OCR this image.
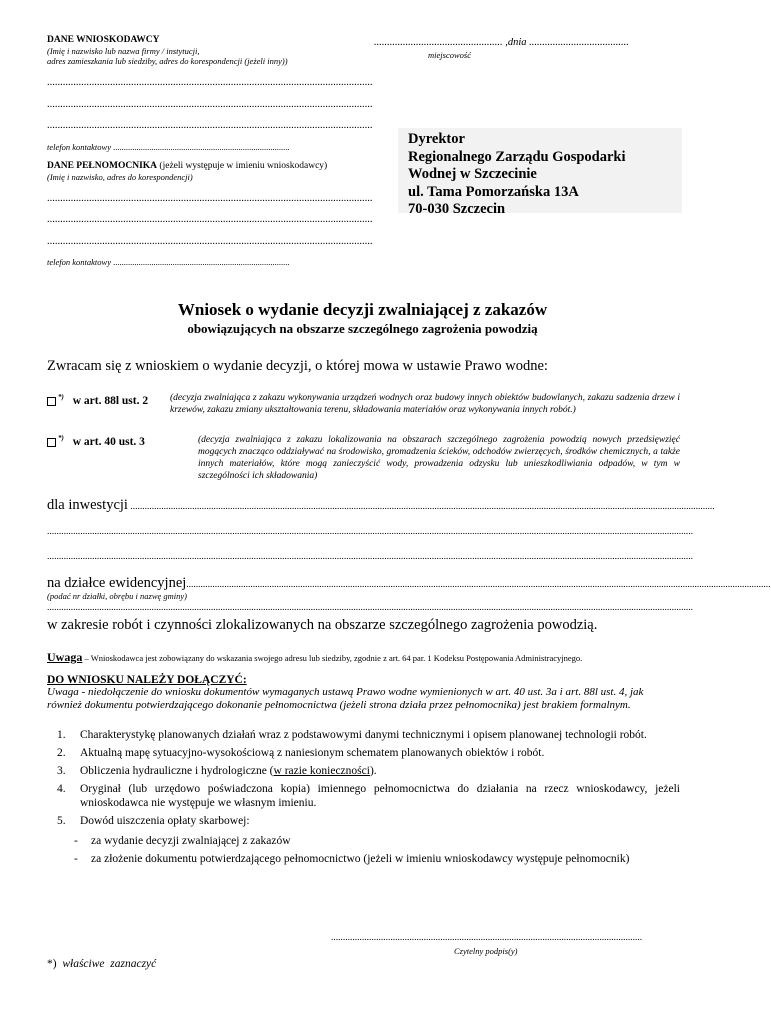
DANE WNIOSKODAWCY
(Imię i nazwisko lub nazwa firmy / instytucji,
adres zamieszkania lub siedziby, adres do korespondencji (jeżeli inny))
............................................................................................................................
............................................................................................................................
............................................................................................................................
telefon kontaktowy ...................................................................................
DANE PEŁNOMOCNIKA (jeżeli występuje w imieniu wnioskodawcy)
(Imię i nazwisko, adres do korespondencji)
............................................................................................................................
............................................................................................................................
............................................................................................................................
telefon kontaktowy ...................................................................................
................................................. ,dnia ......................................
miejscowość
Dyrektor
Regionalnego Zarządu Gospodarki
Wodnej w Szczecinie
ul. Tama Pomorzańska 13A
70-030 Szczecin
Wniosek o wydanie decyzji zwalniającej z zakazów
obowiązujących na obszarze szczególnego zagrożenia powodzią
Zwracam się z wnioskiem o wydanie decyzji, o której mowa w ustawie Prawo wodne:
*) w art. 88l ust. 2 (decyzja zwalniająca z zakazu wykonywania urządzeń wodnych oraz budowy innych obiektów budowlanych, zakazu sadzenia drzew i krzewów, zakazu zmiany ukształtowania terenu, składowania materiałów oraz wykonywania innych robót.)
*) w art. 40 ust. 3	(decyzja zwalniająca z zakazu lokalizowania na obszarach szczególnego zagrożenia powodzią nowych przedsięwzięć mogących znacząco oddziaływać na środowisko, gromadzenia ścieków, odchodów zwierzęcych, środków chemicznych, a także innych materiałów, które mogą zanieczyścić wody, prowadzenia odzysku lub unieszkodliwiania odpadów, w tym w szczególności ich składowania)
dla inwestycji ......................................................................................................................................................................................................................................................
................................................................................................................................................................................................................................................................................
................................................................................................................................................................................................................................................................................
na działce ewidencyjnej......................................................................................................................................................................................................................................................
(podać nr działki, obrębu i nazwę gminy)
................................................................................................................................................................................................................................................................................
w zakresie robót i czynności zlokalizowanych na obszarze szczególnego zagrożenia powodzią.
Uwaga – Wnioskodawca jest zobowiązany do wskazania swojego adresu lub siedziby, zgodnie z art. 64 par. 1 Kodeksu Postępowania Administracyjnego.
DO WNIOSKU NALEŻY DOŁĄCZYĆ:
Uwaga - niedołączenie do wniosku dokumentów wymaganych ustawą Prawo wodne wymienionych w art. 40 ust. 3a i art. 88l ust. 4, jak również dokumentu potwierdzającego dokonanie pełnomocnictwa (jeżeli strona działa przez pełnomocnika) jest brakiem formalnym.
1. Charakterystykę planowanych działań wraz z podstawowymi danymi technicznymi i opisem planowanej technologii robót.
2. Aktualną mapę sytuacyjno-wysokościową z naniesionym schematem planowanych obiektów i robót.
3. Obliczenia hydrauliczne i hydrologiczne (w razie konieczności).
4. Oryginał (lub urzędowo poświadczona kopia) imiennego pełnomocnictwa do działania na rzecz wnioskodawcy, jeżeli wnioskodawca nie występuje we własnym imieniu.
5. Dowód uiszczenia opłaty skarbowej:
- za wydanie decyzji zwalniającej z zakazów
- za złożenie dokumentu potwierdzającego pełnomocnictwo (jeżeli w imieniu wnioskodawcy występuje pełnomocnik)
...................................................................................................................................
Czytelny podpis(y)
*)  właściwe  zaznaczyć
